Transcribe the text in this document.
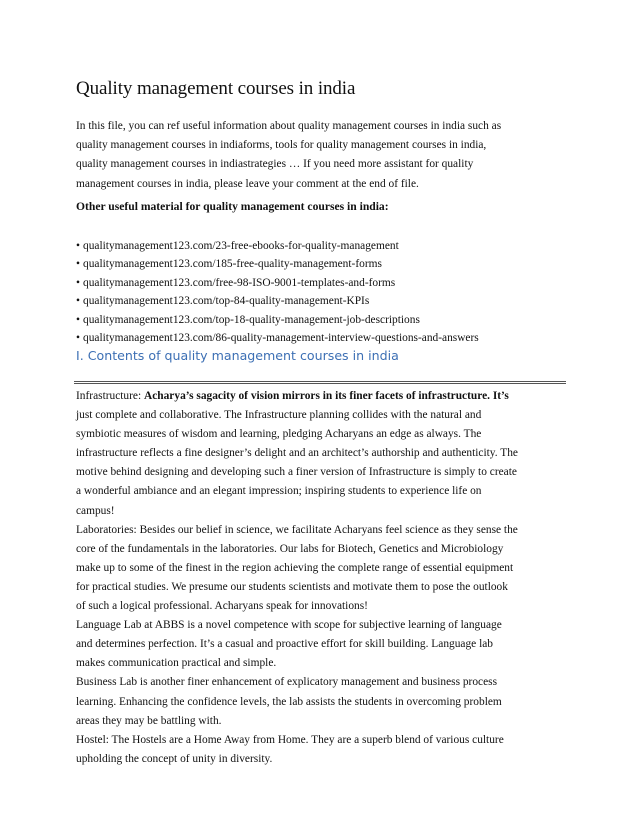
Quality management courses in india
In this file, you can ref useful information about quality management courses in india such as
quality management courses in indiaforms, tools for quality management courses in india,
quality management courses in indiastrategies … If you need more assistant for quality
management courses in india, please leave your comment at the end of file.
Other useful material for quality management courses in india:
• qualitymanagement123.com/23-free-ebooks-for-quality-management
• qualitymanagement123.com/185-free-quality-management-forms
• qualitymanagement123.com/free-98-ISO-9001-templates-and-forms
• qualitymanagement123.com/top-84-quality-management-KPIs
• qualitymanagement123.com/top-18-quality-management-job-descriptions
• qualitymanagement123.com/86-quality-management-interview-questions-and-answers
I. Contents of quality management courses in india
Infrastructure: Acharya’s sagacity of vision mirrors in its finer facets of infrastructure. It’s
just complete and collaborative. The Infrastructure planning collides with the natural and
symbiotic measures of wisdom and learning, pledging Acharyans an edge as always. The
infrastructure reflects a fine designer’s delight and an architect’s authorship and authenticity. The
motive behind designing and developing such a finer version of Infrastructure is simply to create
a wonderful ambiance and an elegant impression; inspiring students to experience life on
campus!
Laboratories: Besides our belief in science, we facilitate Acharyans feel science as they sense the
core of the fundamentals in the laboratories. Our labs for Biotech, Genetics and Microbiology
make up to some of the finest in the region achieving the complete range of essential equipment
for practical studies. We presume our students scientists and motivate them to pose the outlook
of such a logical professional. Acharyans speak for innovations!
Language Lab at ABBS is a novel competence with scope for subjective learning of language
and determines perfection. It’s a casual and proactive effort for skill building. Language lab
makes communication practical and simple.
Business Lab is another finer enhancement of explicatory management and business process
learning. Enhancing the confidence levels, the lab assists the students in overcoming problem
areas they may be battling with.
Hostel: The Hostels are a Home Away from Home. They are a superb blend of various culture
upholding the concept of unity in diversity.
